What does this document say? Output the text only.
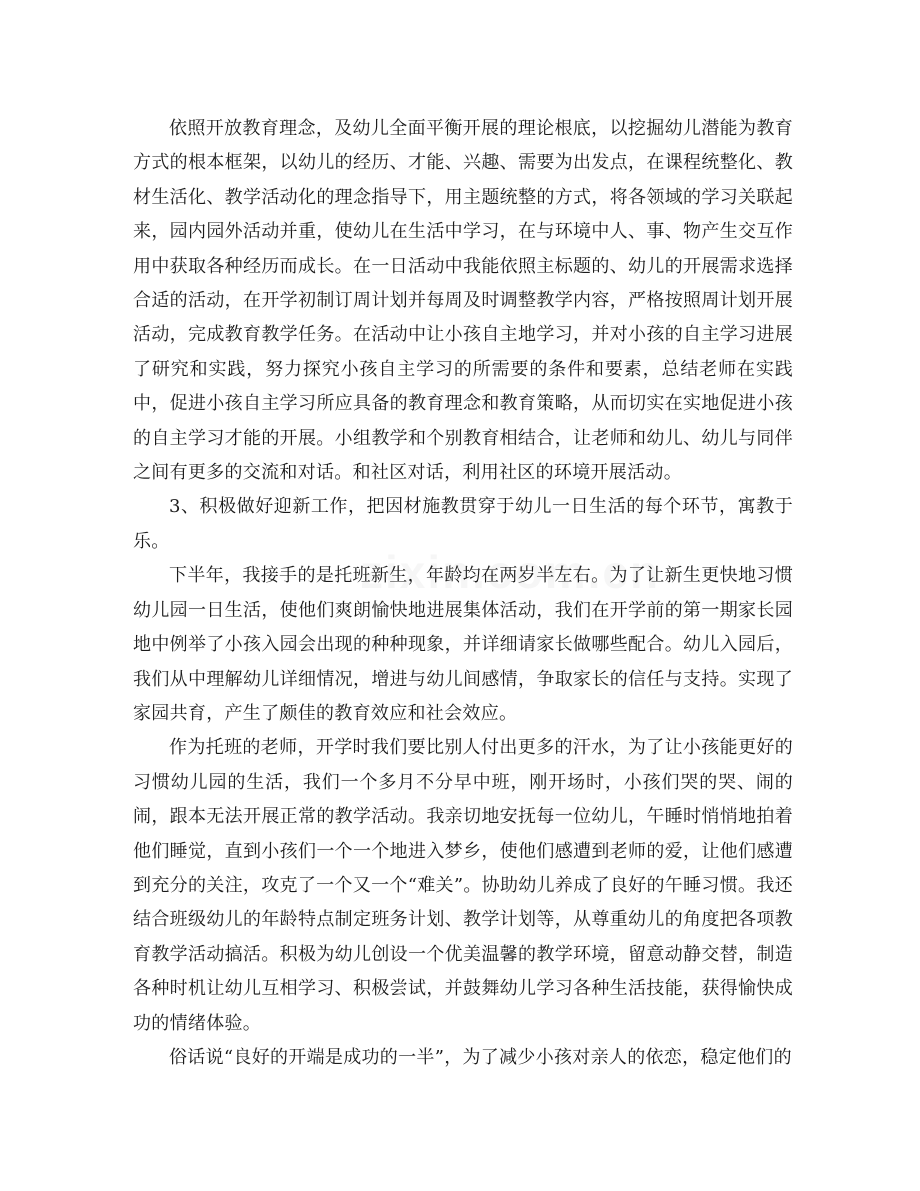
依照开放教育理念，及幼儿全面平衡开展的理论根底，以挖掘幼儿潜能为教育方式的根本框架，以幼儿的经历、才能、兴趣、需要为出发点，在课程统整化、教材生活化、教学活动化的理念指导下，用主题统整的方式，将各领域的学习关联起来，园内园外活动并重，使幼儿在生活中学习，在与环境中人、事、物产生交互作用中获取各种经历而成长。在一日活动中我能依照主标题的、幼儿的开展需求选择合适的活动，在开学初制订周计划并每周及时调整教学内容，严格按照周计划开展活动，完成教育教学任务。在活动中让小孩自主地学习，并对小孩的自主学习进展了研究和实践，努力探究小孩自主学习的所需要的条件和要素，总结老师在实践中，促进小孩自主学习所应具备的教育理念和教育策略，从而切实在实地促进小孩的自主学习才能的开展。小组教学和个别教育相结合，让老师和幼儿、幼儿与同伴之间有更多的交流和对话。和社区对话，利用社区的环境开展活动。

3、积极做好迎新工作，把因材施教贯穿于幼儿一日生活的每个环节，寓教于乐。

下半年，我接手的是托班新生，年龄均在两岁半左右。为了让新生更快地习惯幼儿园一日生活，使他们爽朗愉快地进展集体活动，我们在开学前的第一期家长园地中例举了小孩入园会出现的种种现象，并详细请家长做哪些配合。幼儿入园后，我们从中理解幼儿详细情况，增进与幼儿间感情，争取家长的信任与支持。实现了家园共育，产生了颇佳的教育效应和社会效应。

作为托班的老师，开学时我们要比别人付出更多的汗水，为了让小孩能更好的习惯幼儿园的生活，我们一个多月不分早中班，刚开场时，小孩们哭的哭、闹的闹，跟本无法开展正常的教学活动。我亲切地安抚每一位幼儿，午睡时悄悄地拍着他们睡觉，直到小孩们一个一个地进入梦乡，使他们感遭到老师的爱，让他们感遭到充分的关注，攻克了一个又一个“难关”。协助幼儿养成了良好的午睡习惯。我还结合班级幼儿的年龄特点制定班务计划、教学计划等，从尊重幼儿的角度把各项教育教学活动搞活。积极为幼儿创设一个优美温馨的教学环境，留意动静交替，制造各种时机让幼儿互相学习、积极尝试，并鼓舞幼儿学习各种生活技能，获得愉快成功的情绪体验。

俗话说“良好的开端是成功的一半”，为了减少小孩对亲人的依恋，稳定他们的
